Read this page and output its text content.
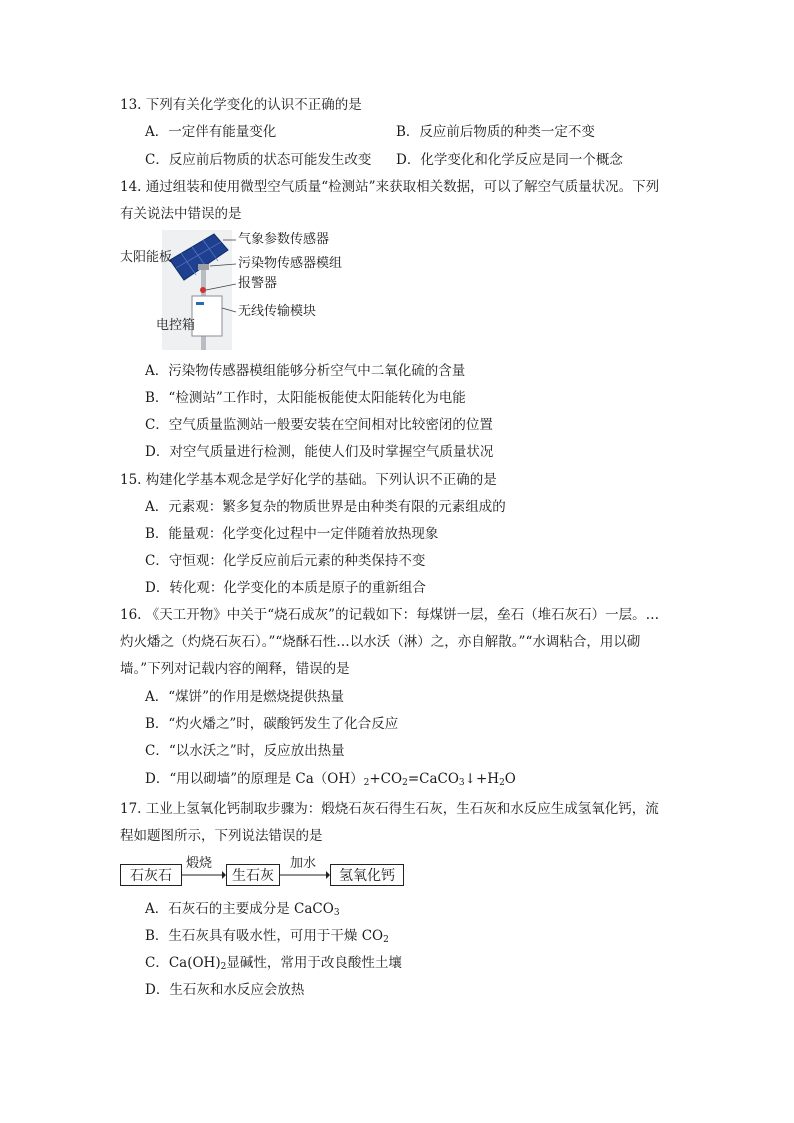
13. 下列有关化学变化的认识不正确的是
A．一定伴有能量变化	B．反应前后物质的种类一定不变
C．反应前后物质的状态可能发生改变 D．化学变化和化学反应是同一个概念
14. 通过组装和使用微型空气质量“检测站”来获取相关数据，可以了解空气质量状况。下列
有关说法中错误的是
太阳能板
气象参数传感器
污染物传感器模组
报警器
无线传输模块
电控箱
A．污染物传感器模组能够分析空气中二氧化硫的含量
B．“检测站”工作时，太阳能板能使太阳能转化为电能
C．空气质量监测站一般要安装在空间相对比较密闭的位置
D．对空气质量进行检测，能使人们及时掌握空气质量状况
15. 构建化学基本观念是学好化学的基础。下列认识不正确的是
A．元素观：繁多复杂的物质世界是由种类有限的元素组成的
B．能量观：化学变化过程中一定伴随着放热现象
C．守恒观：化学反应前后元素的种类保持不变
D．转化观：化学变化的本质是原子的重新组合
16. 《天工开物》中关于“烧石成灰”的记载如下：每煤饼一层，垒石（堆石灰石）一层。…
灼火燔之（灼烧石灰石）。”“烧酥石性…以水沃（淋）之，亦自解散。”“水调粘合，用以砌
墙。”下列对记载内容的阐释，错误的是
A．“煤饼”的作用是燃烧提供热量
B．“灼火燔之”时，碳酸钙发生了化合反应
C．“以水沃之”时，反应放出热量
D．“用以砌墙”的原理是 $Ca(OH)_2+CO_2=CaCO_3↓+H_2O$
17. 工业上氢氧化钙制取步骤为：煅烧石灰石得生石灰，生石灰和水反应生成氢氧化钙，流
程如题图所示，下列说法错误的是
石灰石
煅烧
生石灰
加水
氢氧化钙
A．石灰石的主要成分是 CaCO$_3$
B．生石灰具有吸水性，可用于干燥 $CO_2$
C．$Ca(OH)_2$显碱性，常用于改良酸性土壤
D．生石灰和水反应会放热
